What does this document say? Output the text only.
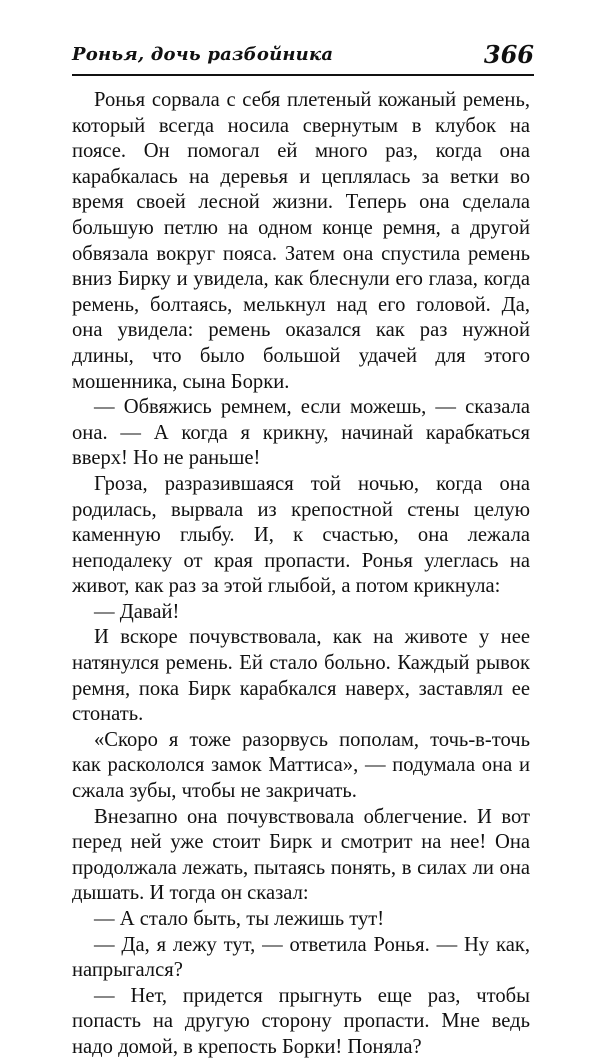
Ронья, дочь разбойника	366

Ронья сорвала с себя плетеный кожаный ремень, который всегда носила свернутым в клубок на поясе. Он помогал ей много раз, когда она карабкалась на деревья и цеплялась за ветки во время своей лесной жизни. Теперь она сделала большую петлю на одном конце ремня, а другой обвязала вокруг пояса. Затем она спустила ремень вниз Бирку и увидела, как блеснули его глаза, когда ремень, болтаясь, мелькнул над его головой. Да, она увидела: ремень оказался как раз нужной длины, что было большой удачей для этого мошенника, сына Борки.

— Обвяжись ремнем, если можешь, — сказала она. — А когда я крикну, начинай карабкаться вверх! Но не раньше!

Гроза, разразившаяся той ночью, когда она родилась, вырвала из крепостной стены целую каменную глыбу. И, к счастью, она лежала неподалеку от края пропасти. Ронья улеглась на живот, как раз за этой глыбой, а потом крикнула:

— Давай!

И вскоре почувствовала, как на животе у нее натянулся ремень. Ей стало больно. Каждый рывок ремня, пока Бирк карабкался наверх, заставлял ее стонать.

«Скоро я тоже разорвусь пополам, точь-в-точь как раскололся замок Маттиса», — подумала она и сжала зубы, чтобы не закричать.

Внезапно она почувствовала облегчение. И вот перед ней уже стоит Бирк и смотрит на нее! Она продолжала лежать, пытаясь понять, в силах ли она дышать. И тогда он сказал:

— А стало быть, ты лежишь тут!

— Да, я лежу тут, — ответила Ронья. — Ну как, напрыгался?

— Нет, придется прыгнуть еще раз, чтобы попасть на другую сторону пропасти. Мне ведь надо домой, в крепость Борки! Поняла?
